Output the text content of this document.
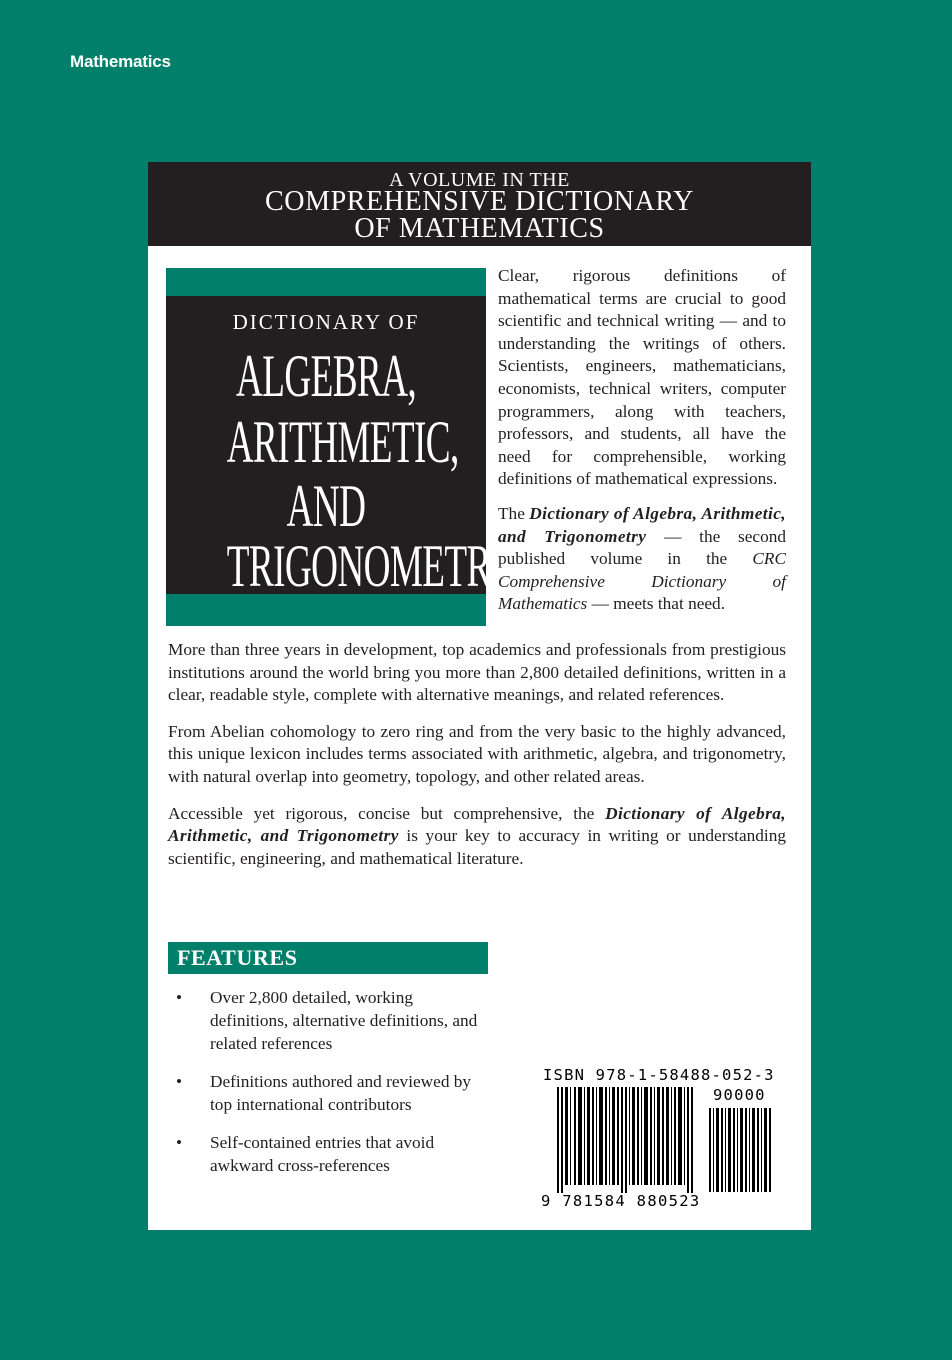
Mathematics
A VOLUME IN THE
COMPREHENSIVE DICTIONARY
OF MATHEMATICS
DICTIONARY OF
ALGEBRA,
ARITHMETIC,
AND
TRIGONOMETRY

Clear, rigorous definitions of mathematical terms are crucial to good scientific and technical writing — and to understanding the writings of others. Scientists, engineers, mathematicians, economists, technical writers, computer programmers, along with teachers, professors, and students, all have the need for comprehensible, working definitions of mathematical expressions.

The Dictionary of Algebra, Arithmetic, and Trigonometry — the second published volume in the CRC Comprehensive Dictionary of Mathematics — meets that need.

More than three years in development, top academics and professionals from prestigious institutions around the world bring you more than 2,800 detailed definitions, written in a clear, readable style, complete with alternative meanings, and related references.

From Abelian cohomology to zero ring and from the very basic to the highly advanced, this unique lexicon includes terms associated with arithmetic, algebra, and trigonometry, with natural overlap into geometry, topology, and other related areas.

Accessible yet rigorous, concise but comprehensive, the Dictionary of Algebra, Arithmetic, and Trigonometry is your key to accuracy in writing or understanding scientific, engineering, and mathematical literature.

FEATURES
• Over 2,800 detailed, working definitions, alternative definitions, and related references
• Definitions authored and reviewed by top international contributors
• Self-contained entries that avoid awkward cross-references
ISBN 978-1-58488-052-3
90000
9 781584 880523
